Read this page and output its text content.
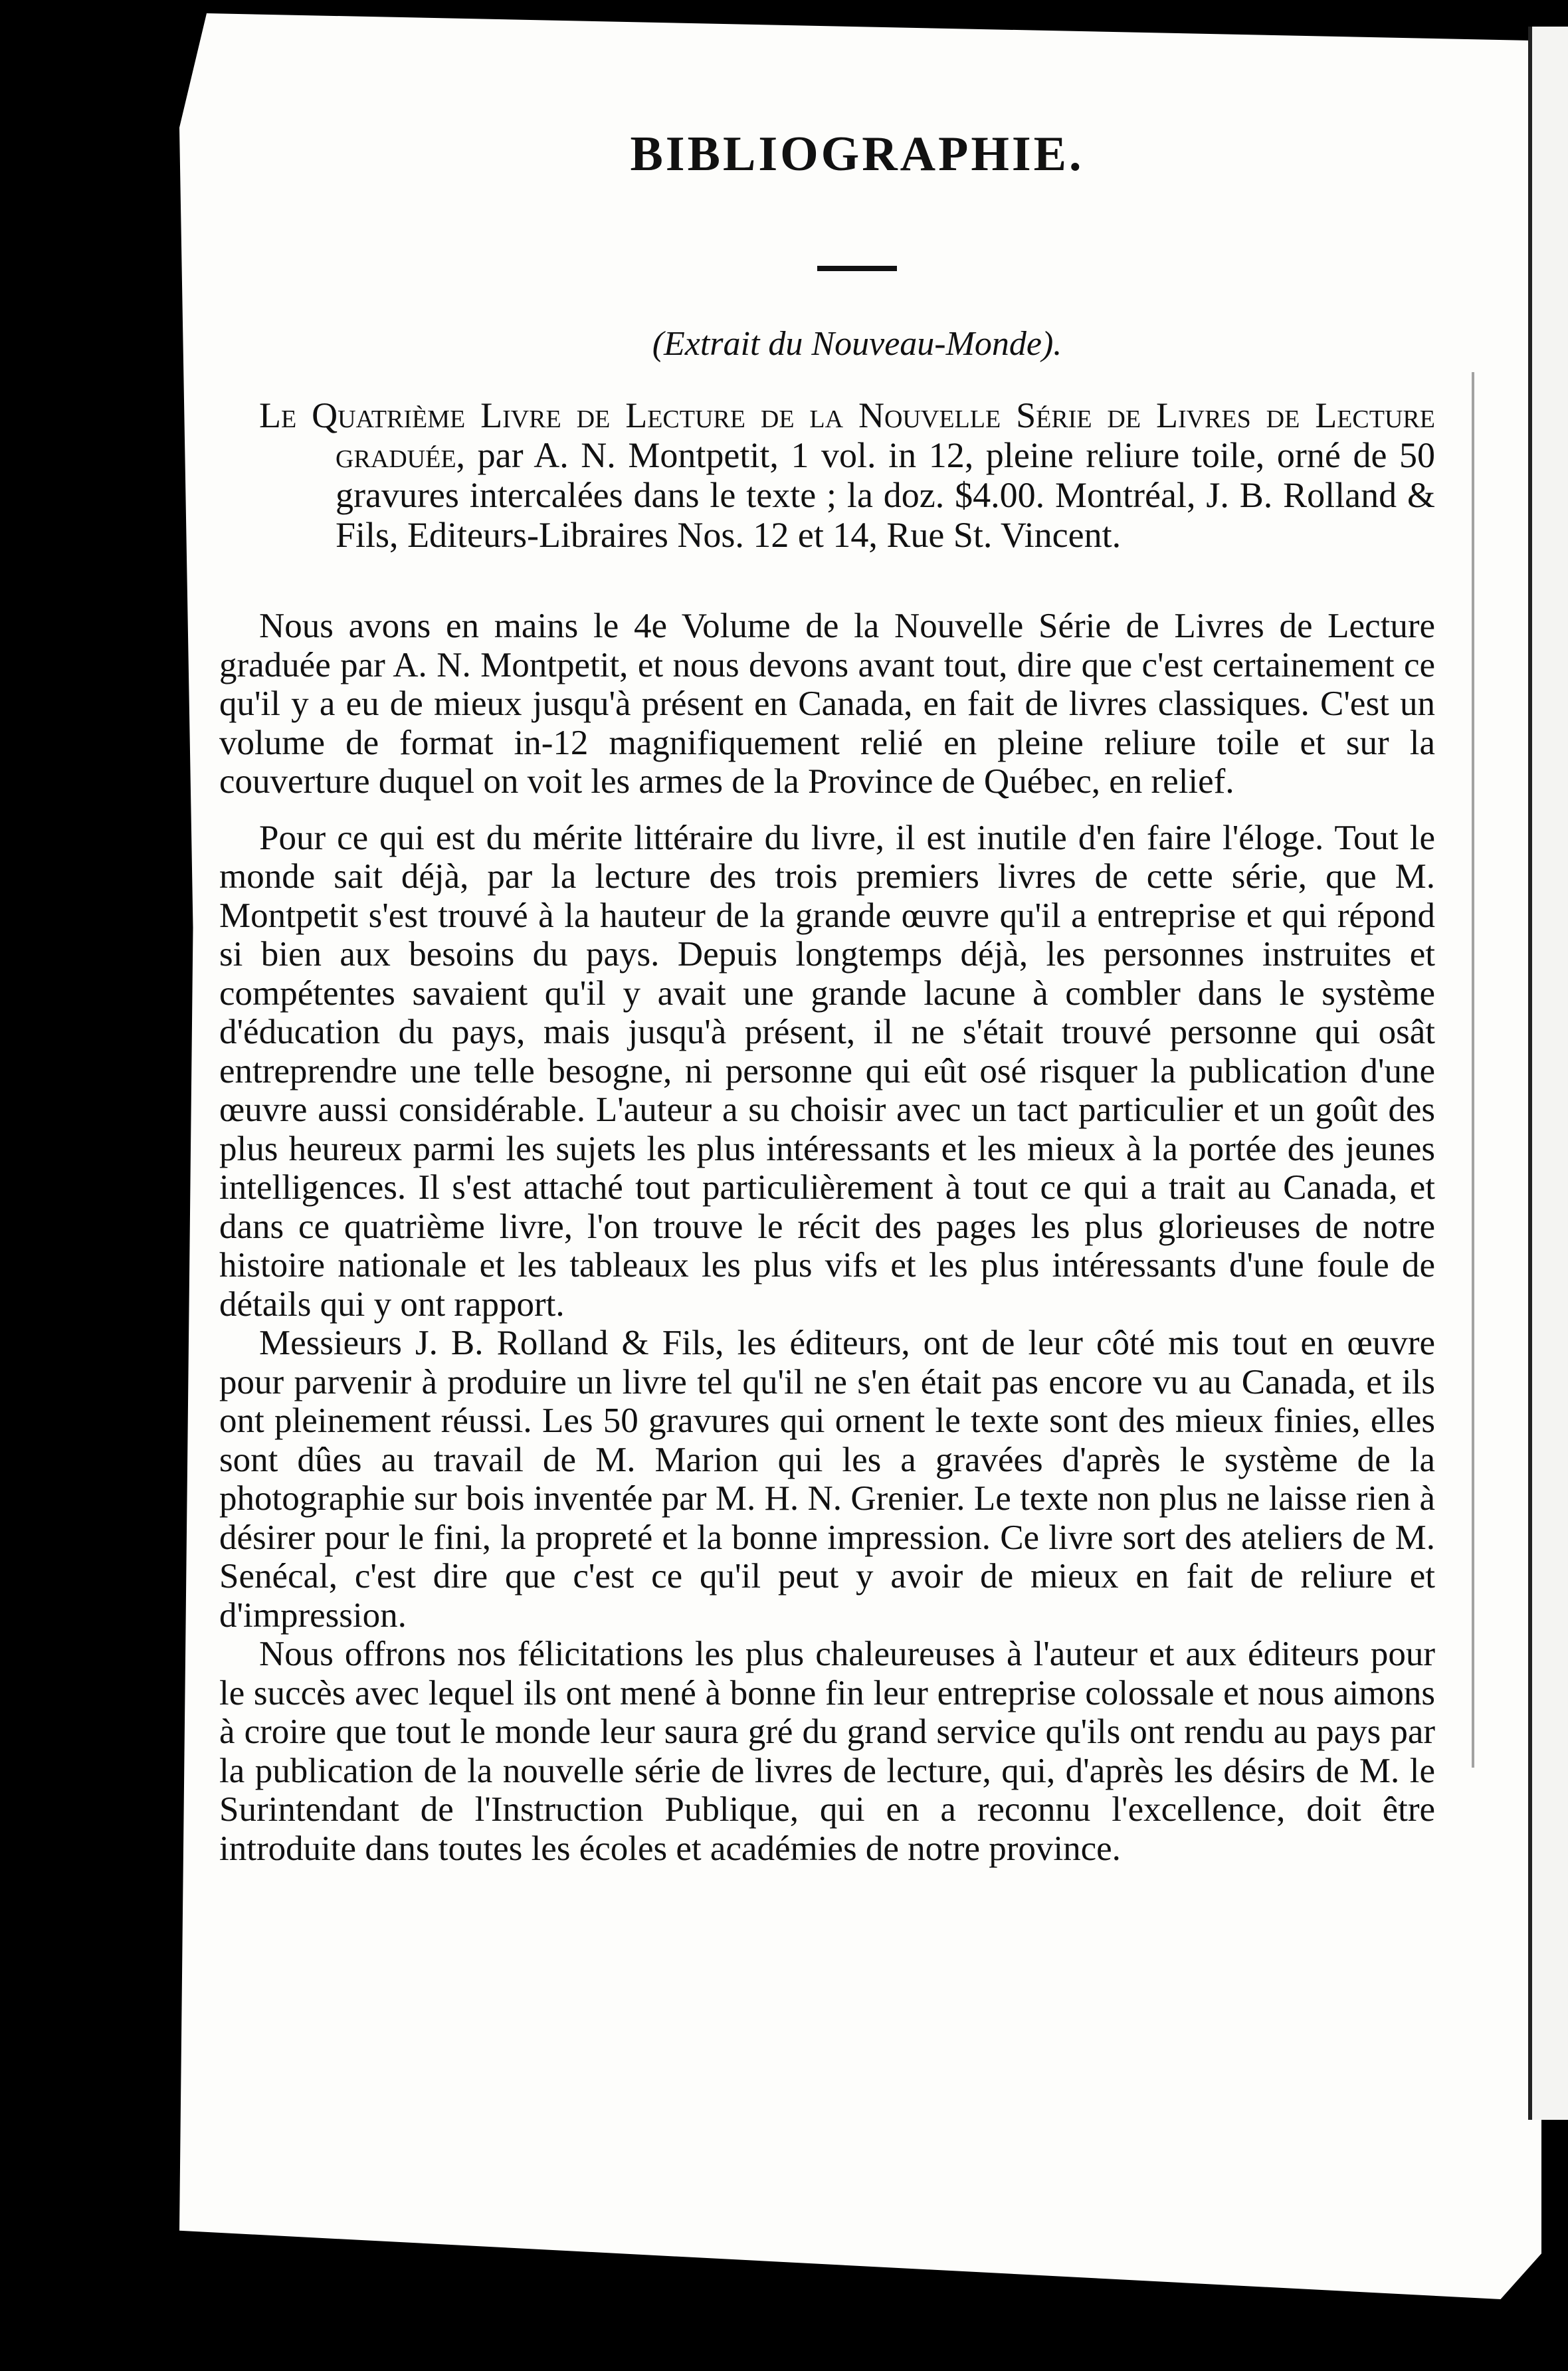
BIBLIOGRAPHIE.
(Extrait du Nouveau-Monde).
Le Quatrième Livre de Lecture de la Nouvelle Série de Livres de Lecture graduée, par A. N. Montpetit, 1 vol. in 12, pleine reliure toile, orné de 50 gravures intercalées dans le texte ; la doz. $4.00. Montréal, J. B. Rolland & Fils, Editeurs-Libraires Nos. 12 et 14, Rue St. Vincent.

Nous avons en mains le 4e Volume de la Nouvelle Série de Livres de Lecture graduée par A. N. Montpetit, et nous devons avant tout, dire que c'est certainement ce qu'il y a eu de mieux jusqu'à présent en Canada, en fait de livres classiques. C'est un volume de format in-12 magnifiquement relié en pleine reliure toile et sur la couverture duquel on voit les armes de la Province de Québec, en relief.

Pour ce qui est du mérite littéraire du livre, il est inutile d'en faire l'éloge. Tout le monde sait déjà, par la lecture des trois premiers livres de cette série, que M. Montpetit s'est trouvé à la hauteur de la grande œuvre qu'il a entreprise et qui répond si bien aux besoins du pays. Depuis longtemps déjà, les personnes instruites et compétentes savaient qu'il y avait une grande lacune à combler dans le système d'éducation du pays, mais jusqu'à présent, il ne s'était trouvé personne qui osât entreprendre une telle besogne, ni personne qui eût osé risquer la publication d'une œuvre aussi considérable. L'auteur a su choisir avec un tact particulier et un goût des plus heureux parmi les sujets les plus intéressants et les mieux à la portée des jeunes intelligences. Il s'est attaché tout particulièrement à tout ce qui a trait au Canada, et dans ce quatrième livre, l'on trouve le récit des pages les plus glorieuses de notre histoire nationale et les tableaux les plus vifs et les plus intéressants d'une foule de détails qui y ont rapport.

Messieurs J. B. Rolland & Fils, les éditeurs, ont de leur côté mis tout en œuvre pour parvenir à produire un livre tel qu'il ne s'en était pas encore vu au Canada, et ils ont pleinement réussi. Les 50 gravures qui ornent le texte sont des mieux finies, elles sont dûes au travail de M. Marion qui les a gravées d'après le système de la photographie sur bois inventée par M. H. N. Grenier. Le texte non plus ne laisse rien à désirer pour le fini, la propreté et la bonne impression. Ce livre sort des ateliers de M. Senécal, c'est dire que c'est ce qu'il peut y avoir de mieux en fait de reliure et d'impression.

Nous offrons nos félicitations les plus chaleureuses à l'auteur et aux éditeurs pour le succès avec lequel ils ont mené à bonne fin leur entreprise colossale et nous aimons à croire que tout le monde leur saura gré du grand service qu'ils ont rendu au pays par la publication de la nouvelle série de livres de lecture, qui, d'après les désirs de M. le Surintendant de l'Instruction Publique, qui en a reconnu l'excellence, doit être introduite dans toutes les écoles et académies de notre province.
